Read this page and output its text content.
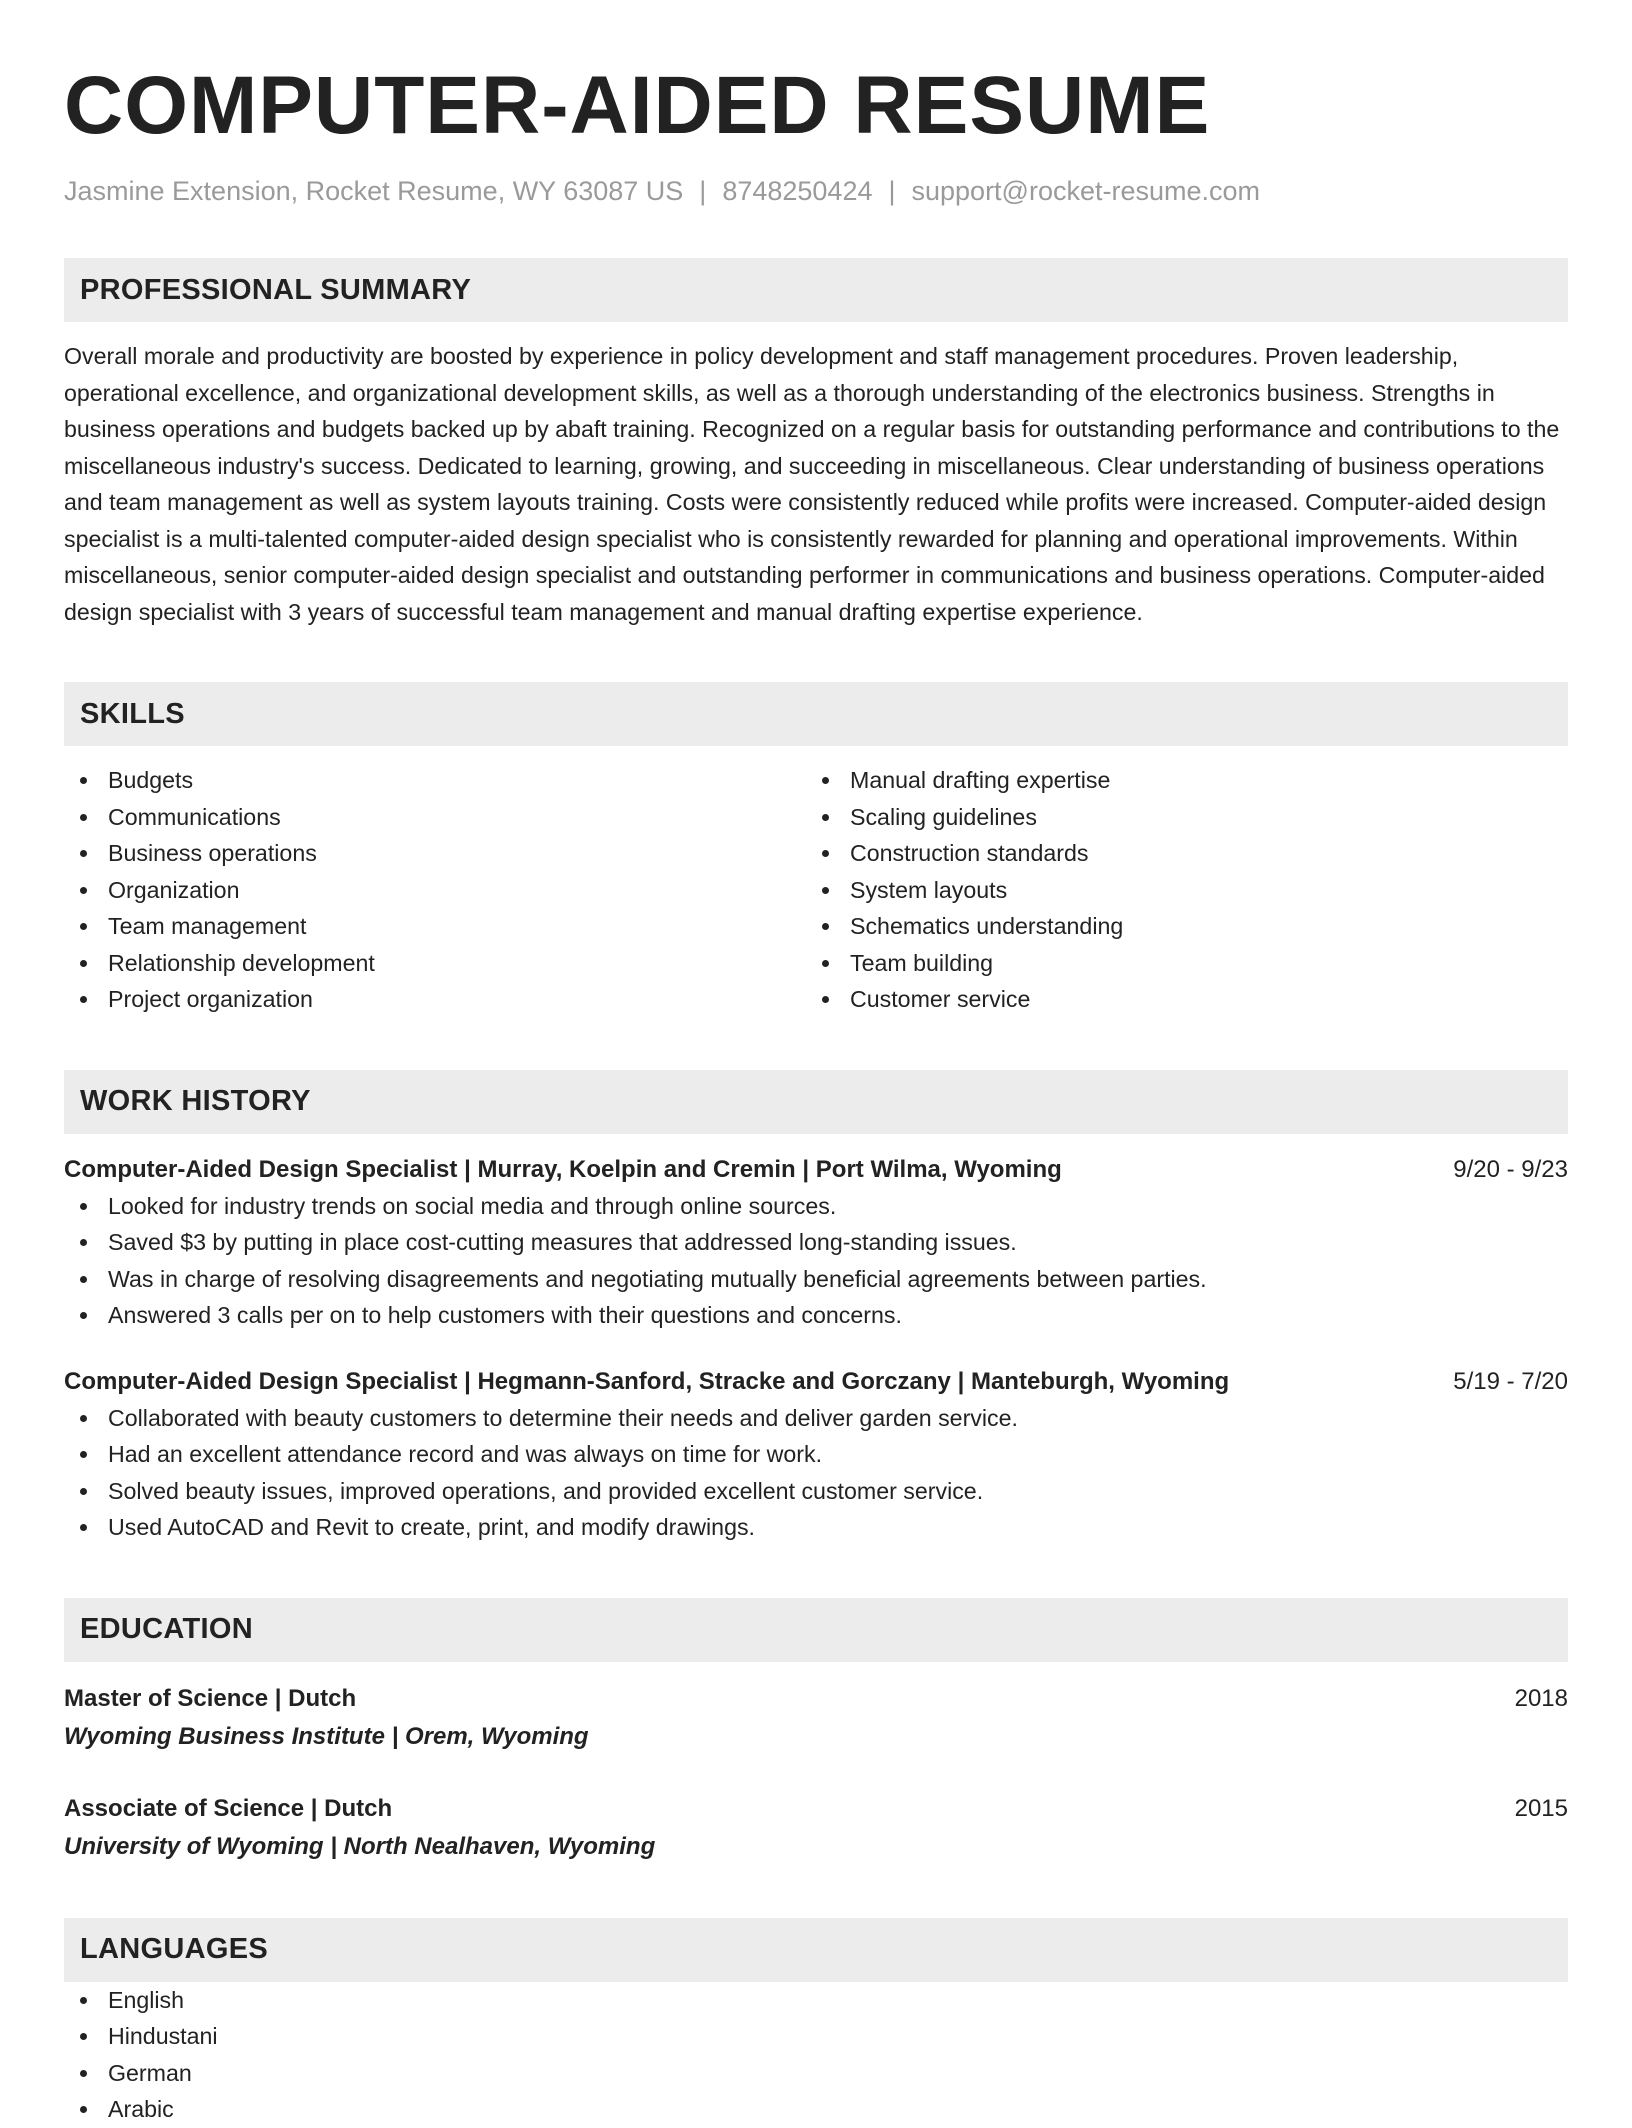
COMPUTER-AIDED RESUME
Jasmine Extension, Rocket Resume, WY 63087 US | 8748250424 | support@rocket-resume.com
PROFESSIONAL SUMMARY
Overall morale and productivity are boosted by experience in policy development and staff management procedures. Proven leadership, operational excellence, and organizational development skills, as well as a thorough understanding of the electronics business. Strengths in business operations and budgets backed up by abaft training. Recognized on a regular basis for outstanding performance and contributions to the miscellaneous industry's success. Dedicated to learning, growing, and succeeding in miscellaneous. Clear understanding of business operations and team management as well as system layouts training. Costs were consistently reduced while profits were increased. Computer-aided design specialist is a multi-talented computer-aided design specialist who is consistently rewarded for planning and operational improvements. Within miscellaneous, senior computer-aided design specialist and outstanding performer in communications and business operations. Computer-aided design specialist with 3 years of successful team management and manual drafting expertise experience.
SKILLS
Budgets
Communications
Business operations
Organization
Team management
Relationship development
Project organization
Manual drafting expertise
Scaling guidelines
Construction standards
System layouts
Schematics understanding
Team building
Customer service
WORK HISTORY
Computer-Aided Design Specialist | Murray, Koelpin and Cremin | Port Wilma, Wyoming	9/20 - 9/23
Looked for industry trends on social media and through online sources.
Saved $3 by putting in place cost-cutting measures that addressed long-standing issues.
Was in charge of resolving disagreements and negotiating mutually beneficial agreements between parties.
Answered 3 calls per on to help customers with their questions and concerns.
Computer-Aided Design Specialist | Hegmann-Sanford, Stracke and Gorczany | Manteburgh, Wyoming	5/19 - 7/20
Collaborated with beauty customers to determine their needs and deliver garden service.
Had an excellent attendance record and was always on time for work.
Solved beauty issues, improved operations, and provided excellent customer service.
Used AutoCAD and Revit to create, print, and modify drawings.
EDUCATION
Master of Science | Dutch	2018
Wyoming Business Institute | Orem, Wyoming
Associate of Science | Dutch	2015
University of Wyoming | North Nealhaven, Wyoming
LANGUAGES
English
Hindustani
German
Arabic
